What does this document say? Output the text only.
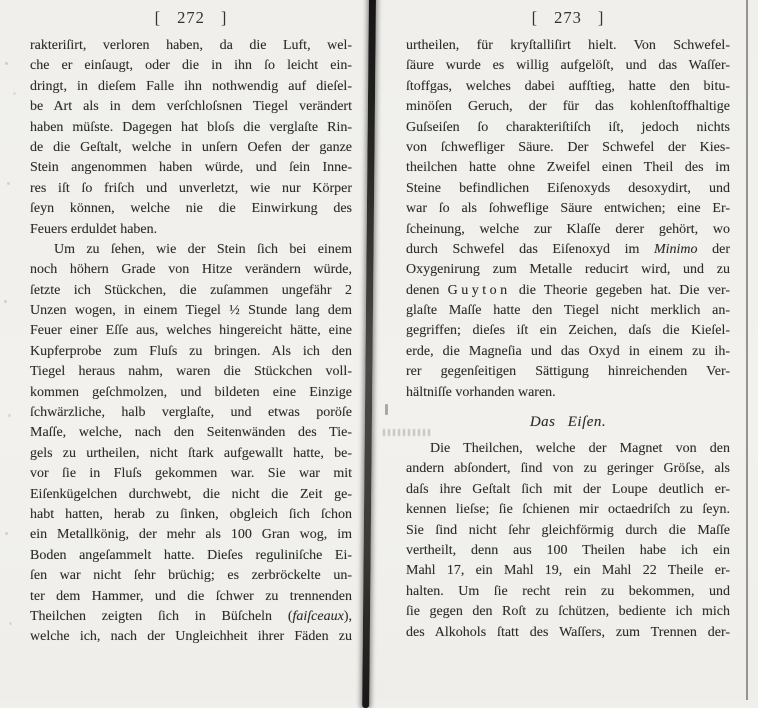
[ 272 ]
rakteriſirt, verloren haben, da die Luft, wel-
che er einſaugt, oder die in ihn ſo leicht ein-
dringt, in dieſem Falle ihn nothwendig auf dieſel-
be Art als in dem verſchloſsnen Tiegel verändert
haben müſste. Dagegen hat bloſs die verglaſte Rin-
de die Geſtalt, welche in unſern Oefen der ganze
Stein angenommen haben würde, und ſein Inne-
res iſt ſo friſch und unverletzt, wie nur Körper
ſeyn können, welche nie die Einwirkung des
Feuers erduldet haben.
Um zu ſehen, wie der Stein ſich bei einem
noch höhern Grade von Hitze verändern würde,
ſetzte ich Stückchen, die zuſammen ungefähr 2
Unzen wogen, in einem Tiegel ½ Stunde lang dem
Feuer einer Eſſe aus, welches hingereicht hätte, eine
Kupferprobe zum Fluſs zu bringen. Als ich den
Tiegel heraus nahm, waren die Stückchen voll-
kommen geſchmolzen, und bildeten eine Einzige
ſchwärzliche, halb verglaſte, und etwas poröſe
Maſſe, welche, nach den Seitenwänden des Tie-
gels zu urtheilen, nicht ſtark aufgewallt hatte, be-
vor ſie in Fluſs gekommen war. Sie war mit
Eiſenkügelchen durchwebt, die nicht die Zeit ge-
habt hatten, herab zu ſinken, obgleich ſich ſchon
ein Metallkönig, der mehr als 100 Gran wog, im
Boden angeſammelt hatte. Dieſes reguliniſche Ei-
ſen war nicht ſehr brüchig; es zerbröckelte un-
ter dem Hammer, und die ſchwer zu trennenden
Theilchen zeigten ſich in Büſcheln (faiſceaux),
welche ich, nach der Ungleichheit ihrer Fäden zu
[ 273 ]
urtheilen, für kryſtalliſirt hielt. Von Schwefel-
ſäure wurde es willig aufgelöſt, und das Waſſer-
ſtoffgas, welches dabei aufſtieg, hatte den bitu-
minöſen Geruch, der für das kohlenſtoffhaltige
Guſseiſen ſo charakteriſtiſch iſt, jedoch nichts
von ſchwefliger Säure. Der Schwefel der Kies-
theilchen hatte ohne Zweifel einen Theil des im
Steine befindlichen Eiſenoxyds desoxydirt, und
war ſo als ſohweflige Säure entwichen; eine Er-
ſcheinung, welche zur Klaſſe derer gehört, wo
durch Schwefel das Eiſenoxyd im Minimo der
Oxygenirung zum Metalle reducirt wird, und zu
denen Guyton die Theorie gegeben hat. Die ver-
glaſte Maſſe hatte den Tiegel nicht merklich an-
gegriffen; dieſes iſt ein Zeichen, daſs die Kieſel-
erde, die Magneſia und das Oxyd in einem zu ih-
rer gegenſeitigen Sättigung hinreichenden Ver-
hältniſſe vorhanden waren.
Das Eiſen.
Die Theilchen, welche der Magnet von den
andern abſondert, ſind von zu geringer Gröſse, als
daſs ihre Geſtalt ſich mit der Loupe deutlich er-
kennen lieſse; ſie ſchienen mir octaedriſch zu ſeyn.
Sie ſind nicht ſehr gleichförmig durch die Maſſe
vertheilt, denn aus 100 Theilen habe ich ein
Mahl 17, ein Mahl 19, ein Mahl 22 Theile er-
halten. Um ſie recht rein zu bekommen, und
ſie gegen den Roſt zu ſchützen, bediente ich mich
des Alkohols ſtatt des Waſſers, zum Trennen der-
